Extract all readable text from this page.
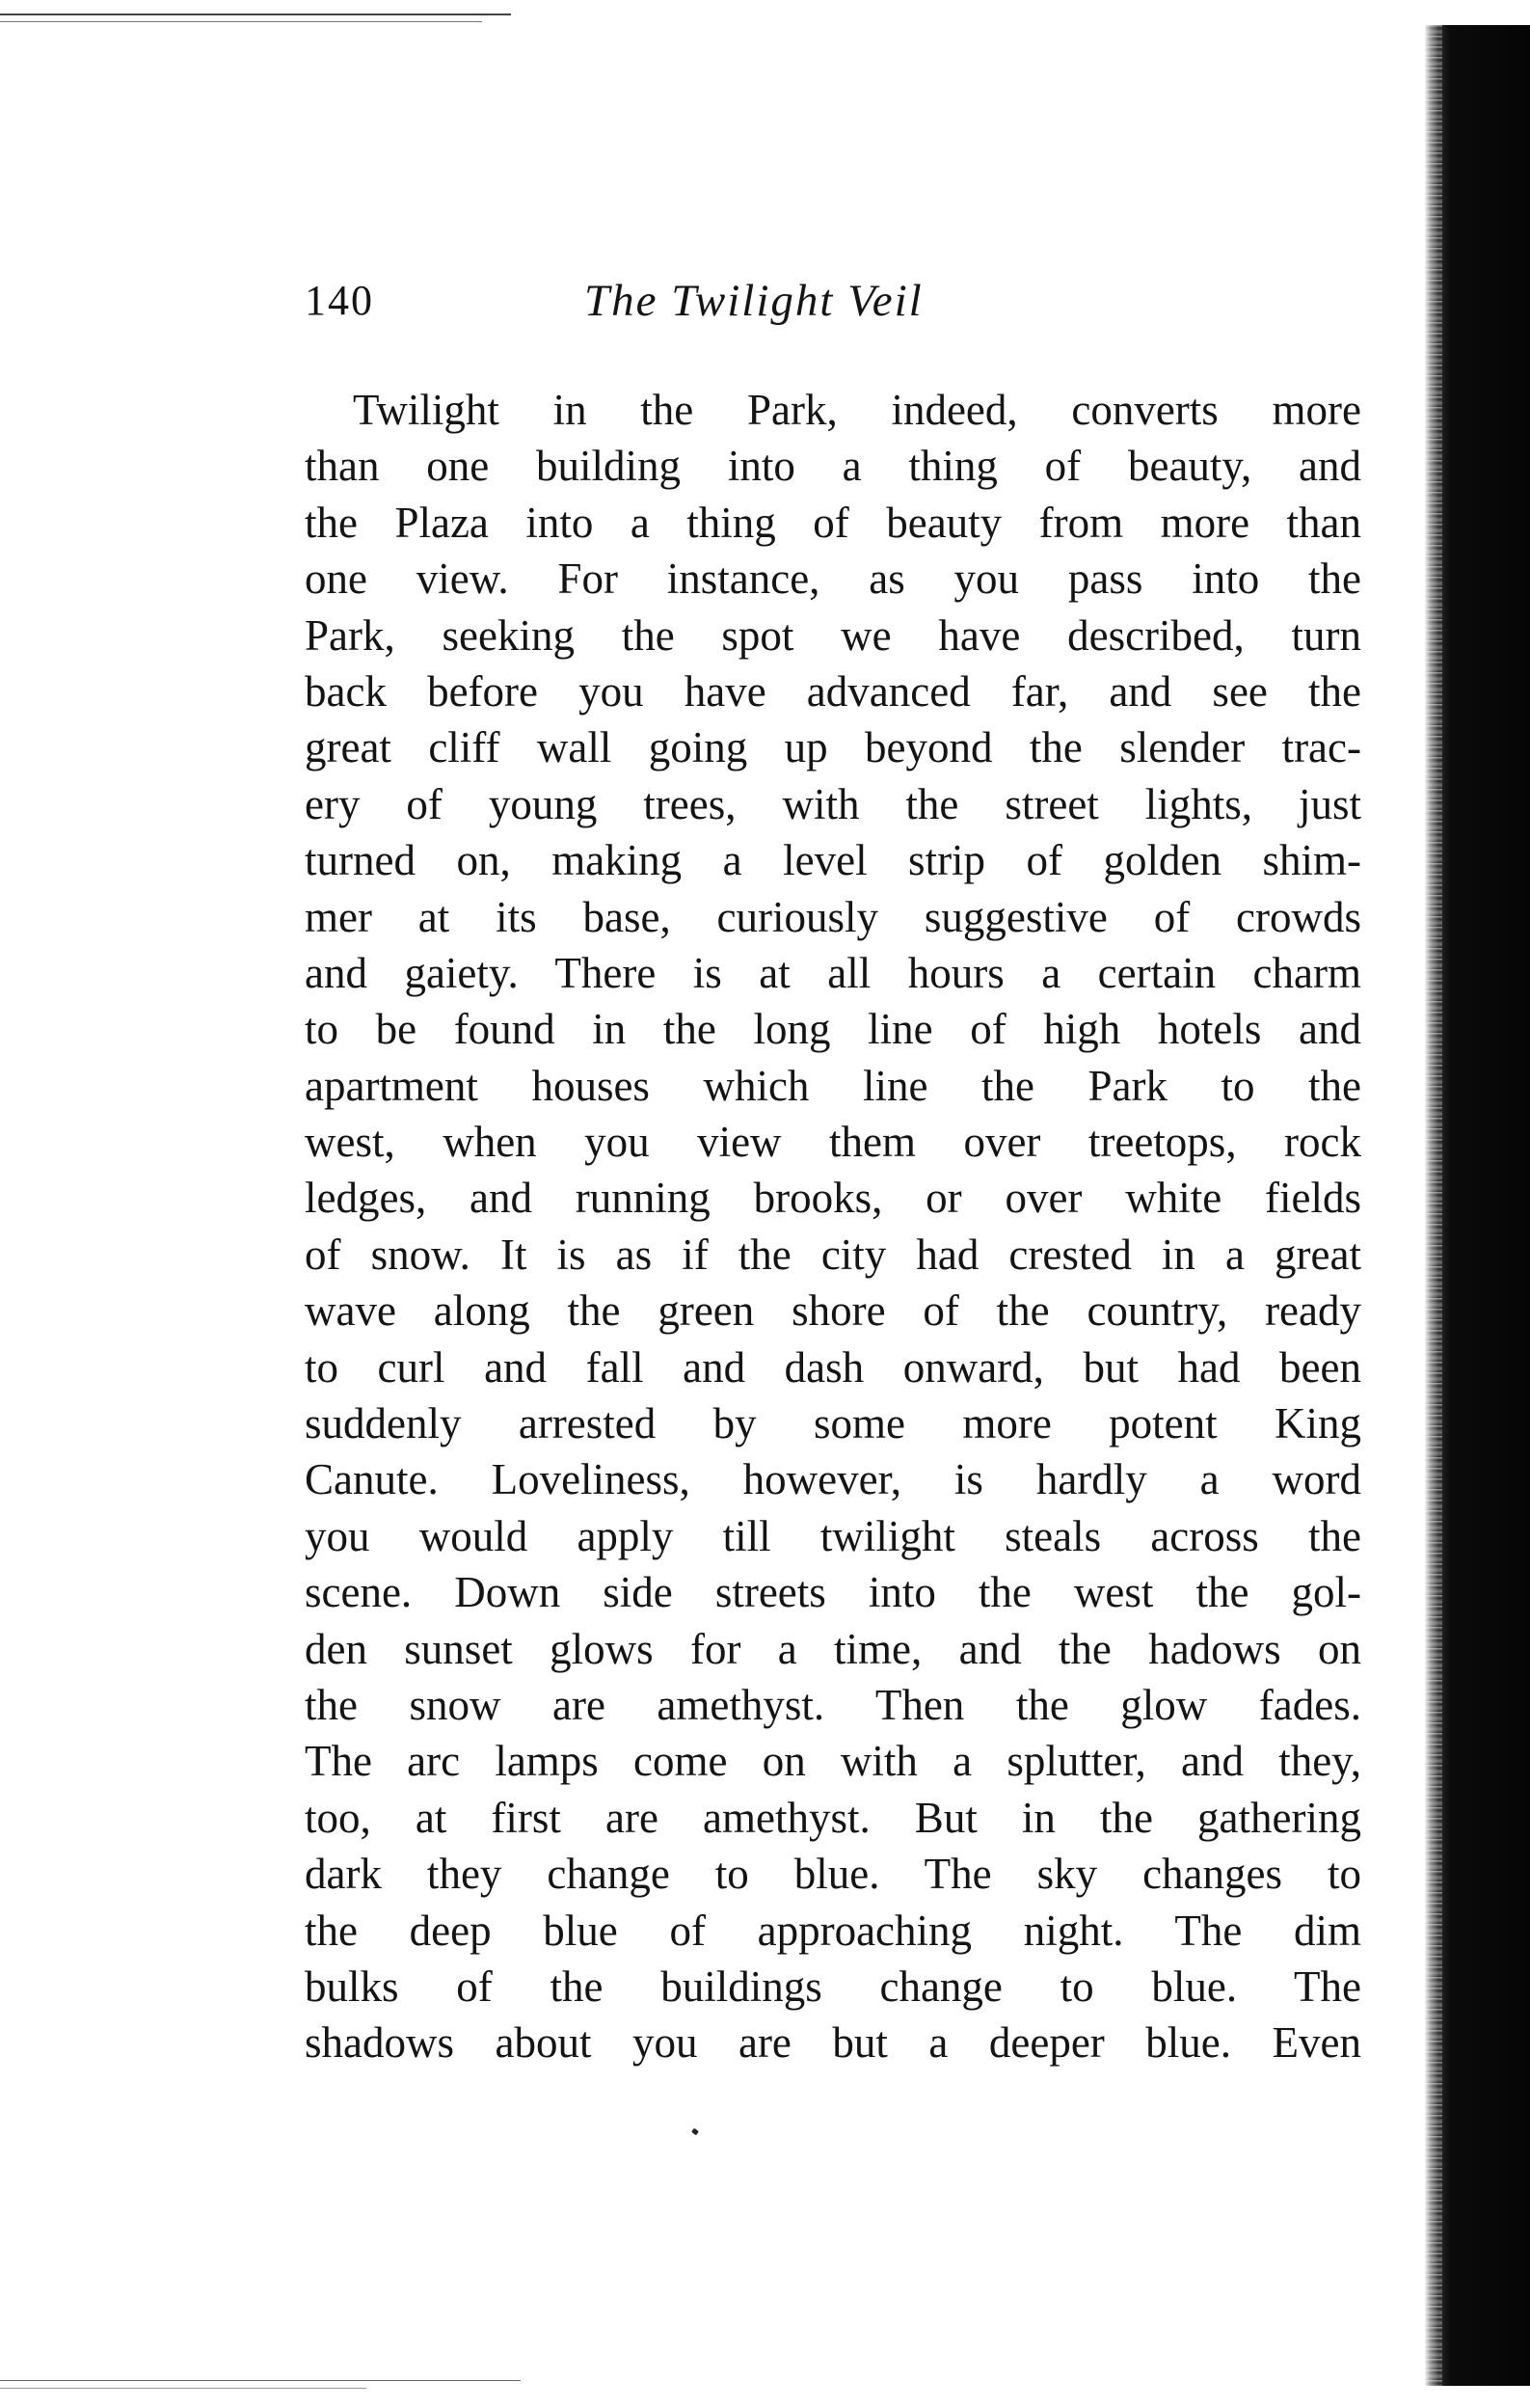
140	The Twilight Veil
Twilight in the Park, indeed, converts more
than one building into a thing of beauty, and
the Plaza into a thing of beauty from more than
one view. For instance, as you pass into the
Park, seeking the spot we have described, turn
back before you have advanced far, and see the
great cliff wall going up beyond the slender trac-
ery of young trees, with the street lights, just
turned on, making a level strip of golden shim-
mer at its base, curiously suggestive of crowds
and gaiety. There is at all hours a certain charm
to be found in the long line of high hotels and
apartment houses which line the Park to the
west, when you view them over treetops, rock
ledges, and running brooks, or over white fields
of snow. It is as if the city had crested in a great
wave along the green shore of the country, ready
to curl and fall and dash onward, but had been
suddenly arrested by some more potent King
Canute. Loveliness, however, is hardly a word
you would apply till twilight steals across the
scene. Down side streets into the west the gol-
den sunset glows for a time, and the hadows on
the snow are amethyst. Then the glow fades.
The arc lamps come on with a splutter, and they,
too, at first are amethyst. But in the gathering
dark they change to blue. The sky changes to
the deep blue of approaching night. The dim
bulks of the buildings change to blue. The
shadows about you are but a deeper blue. Even
